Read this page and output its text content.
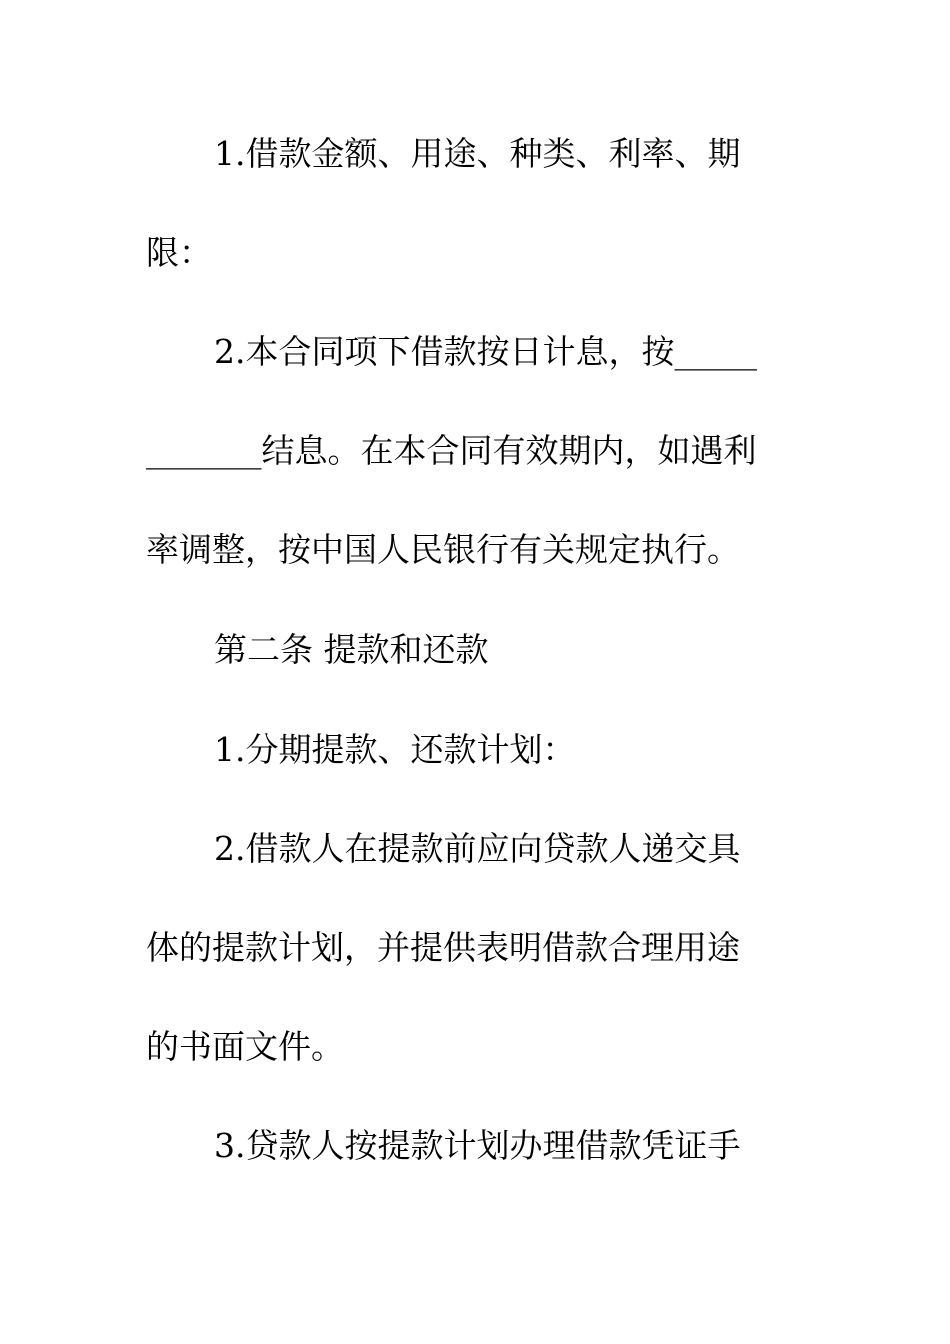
1.借款金额、用途、种类、利率、期
限：
2.本合同项下借款按日计息，按_____
_______结息。在本合同有效期内，如遇利
率调整，按中国人民银行有关规定执行。
第二条 提款和还款
1.分期提款、还款计划：
2.借款人在提款前应向贷款人递交具
体的提款计划，并提供表明借款合理用途
的书面文件。
3.贷款人按提款计划办理借款凭证手
